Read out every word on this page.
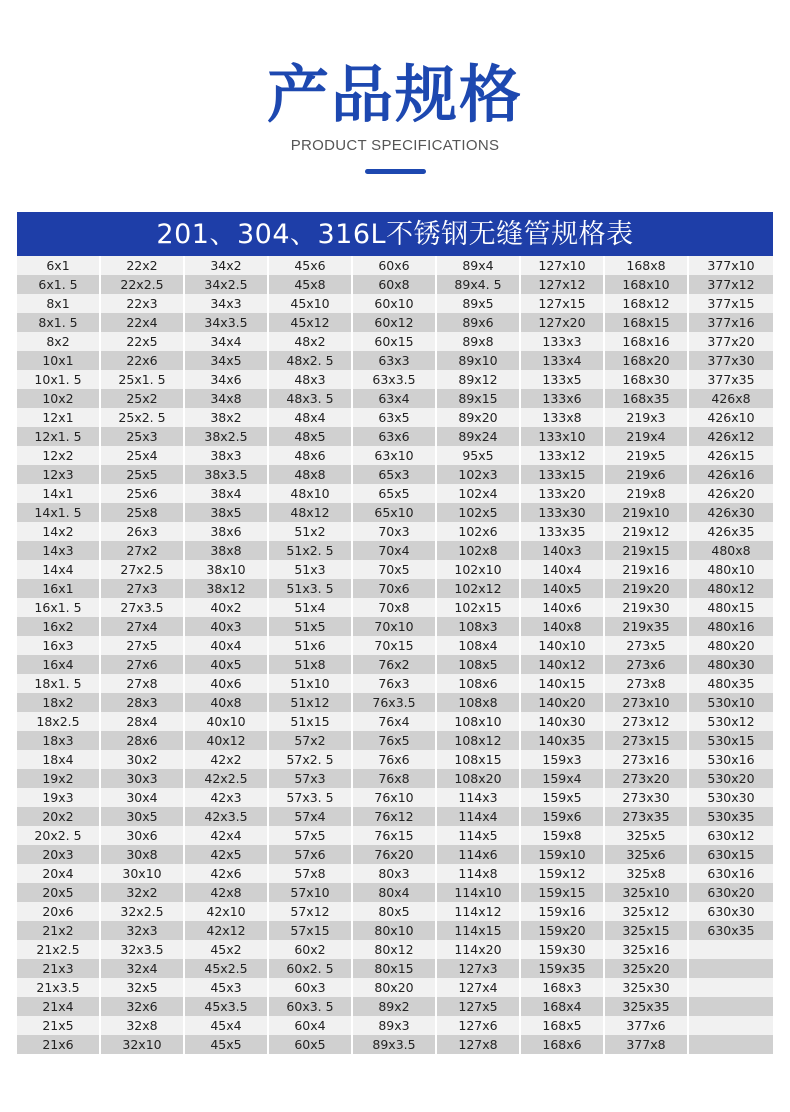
产品规格
PRODUCT SPECIFICATIONS
201、304、316L不锈钢无缝管规格表
6x1	22x2	34x2	45x6	60x6	89x4	127x10	168x8	377x10
6x1. 5	22x2.5	34x2.5	45x8	60x8	89x4. 5	127x12	168x10	377x12
8x1	22x3	34x3	45x10	60x10	89x5	127x15	168x12	377x15
8x1. 5	22x4	34x3.5	45x12	60x12	89x6	127x20	168x15	377x16
8x2	22x5	34x4	48x2	60x15	89x8	133x3	168x16	377x20
10x1	22x6	34x5	48x2. 5	63x3	89x10	133x4	168x20	377x30
10x1. 5	25x1. 5	34x6	48x3	63x3.5	89x12	133x5	168x30	377x35
10x2	25x2	34x8	48x3. 5	63x4	89x15	133x6	168x35	426x8
12x1	25x2. 5	38x2	48x4	63x5	89x20	133x8	219x3	426x10
12x1. 5	25x3	38x2.5	48x5	63x6	89x24	133x10	219x4	426x12
12x2	25x4	38x3	48x6	63x10	95x5	133x12	219x5	426x15
12x3	25x5	38x3.5	48x8	65x3	102x3	133x15	219x6	426x16
14x1	25x6	38x4	48x10	65x5	102x4	133x20	219x8	426x20
14x1. 5	25x8	38x5	48x12	65x10	102x5	133x30	219x10	426x30
14x2	26x3	38x6	51x2	70x3	102x6	133x35	219x12	426x35
14x3	27x2	38x8	51x2. 5	70x4	102x8	140x3	219x15	480x8
14x4	27x2.5	38x10	51x3	70x5	102x10	140x4	219x16	480x10
16x1	27x3	38x12	51x3. 5	70x6	102x12	140x5	219x20	480x12
16x1. 5	27x3.5	40x2	51x4	70x8	102x15	140x6	219x30	480x15
16x2	27x4	40x3	51x5	70x10	108x3	140x8	219x35	480x16
16x3	27x5	40x4	51x6	70x15	108x4	140x10	273x5	480x20
16x4	27x6	40x5	51x8	76x2	108x5	140x12	273x6	480x30
18x1. 5	27x8	40x6	51x10	76x3	108x6	140x15	273x8	480x35
18x2	28x3	40x8	51x12	76x3.5	108x8	140x20	273x10	530x10
18x2.5	28x4	40x10	51x15	76x4	108x10	140x30	273x12	530x12
18x3	28x6	40x12	57x2	76x5	108x12	140x35	273x15	530x15
18x4	30x2	42x2	57x2. 5	76x6	108x15	159x3	273x16	530x16
19x2	30x3	42x2.5	57x3	76x8	108x20	159x4	273x20	530x20
19x3	30x4	42x3	57x3. 5	76x10	114x3	159x5	273x30	530x30
20x2	30x5	42x3.5	57x4	76x12	114x4	159x6	273x35	530x35
20x2. 5	30x6	42x4	57x5	76x15	114x5	159x8	325x5	630x12
20x3	30x8	42x5	57x6	76x20	114x6	159x10	325x6	630x15
20x4	30x10	42x6	57x8	80x3	114x8	159x12	325x8	630x16
20x5	32x2	42x8	57x10	80x4	114x10	159x15	325x10	630x20
20x6	32x2.5	42x10	57x12	80x5	114x12	159x16	325x12	630x30
21x2	32x3	42x12	57x15	80x10	114x15	159x20	325x15	630x35
21x2.5	32x3.5	45x2	60x2	80x12	114x20	159x30	325x16
21x3	32x4	45x2.5	60x2. 5	80x15	127x3	159x35	325x20
21x3.5	32x5	45x3	60x3	80x20	127x4	168x3	325x30
21x4	32x6	45x3.5	60x3. 5	89x2	127x5	168x4	325x35
21x5	32x8	45x4	60x4	89x3	127x6	168x5	377x6
21x6	32x10	45x5	60x5	89x3.5	127x8	168x6	377x8
